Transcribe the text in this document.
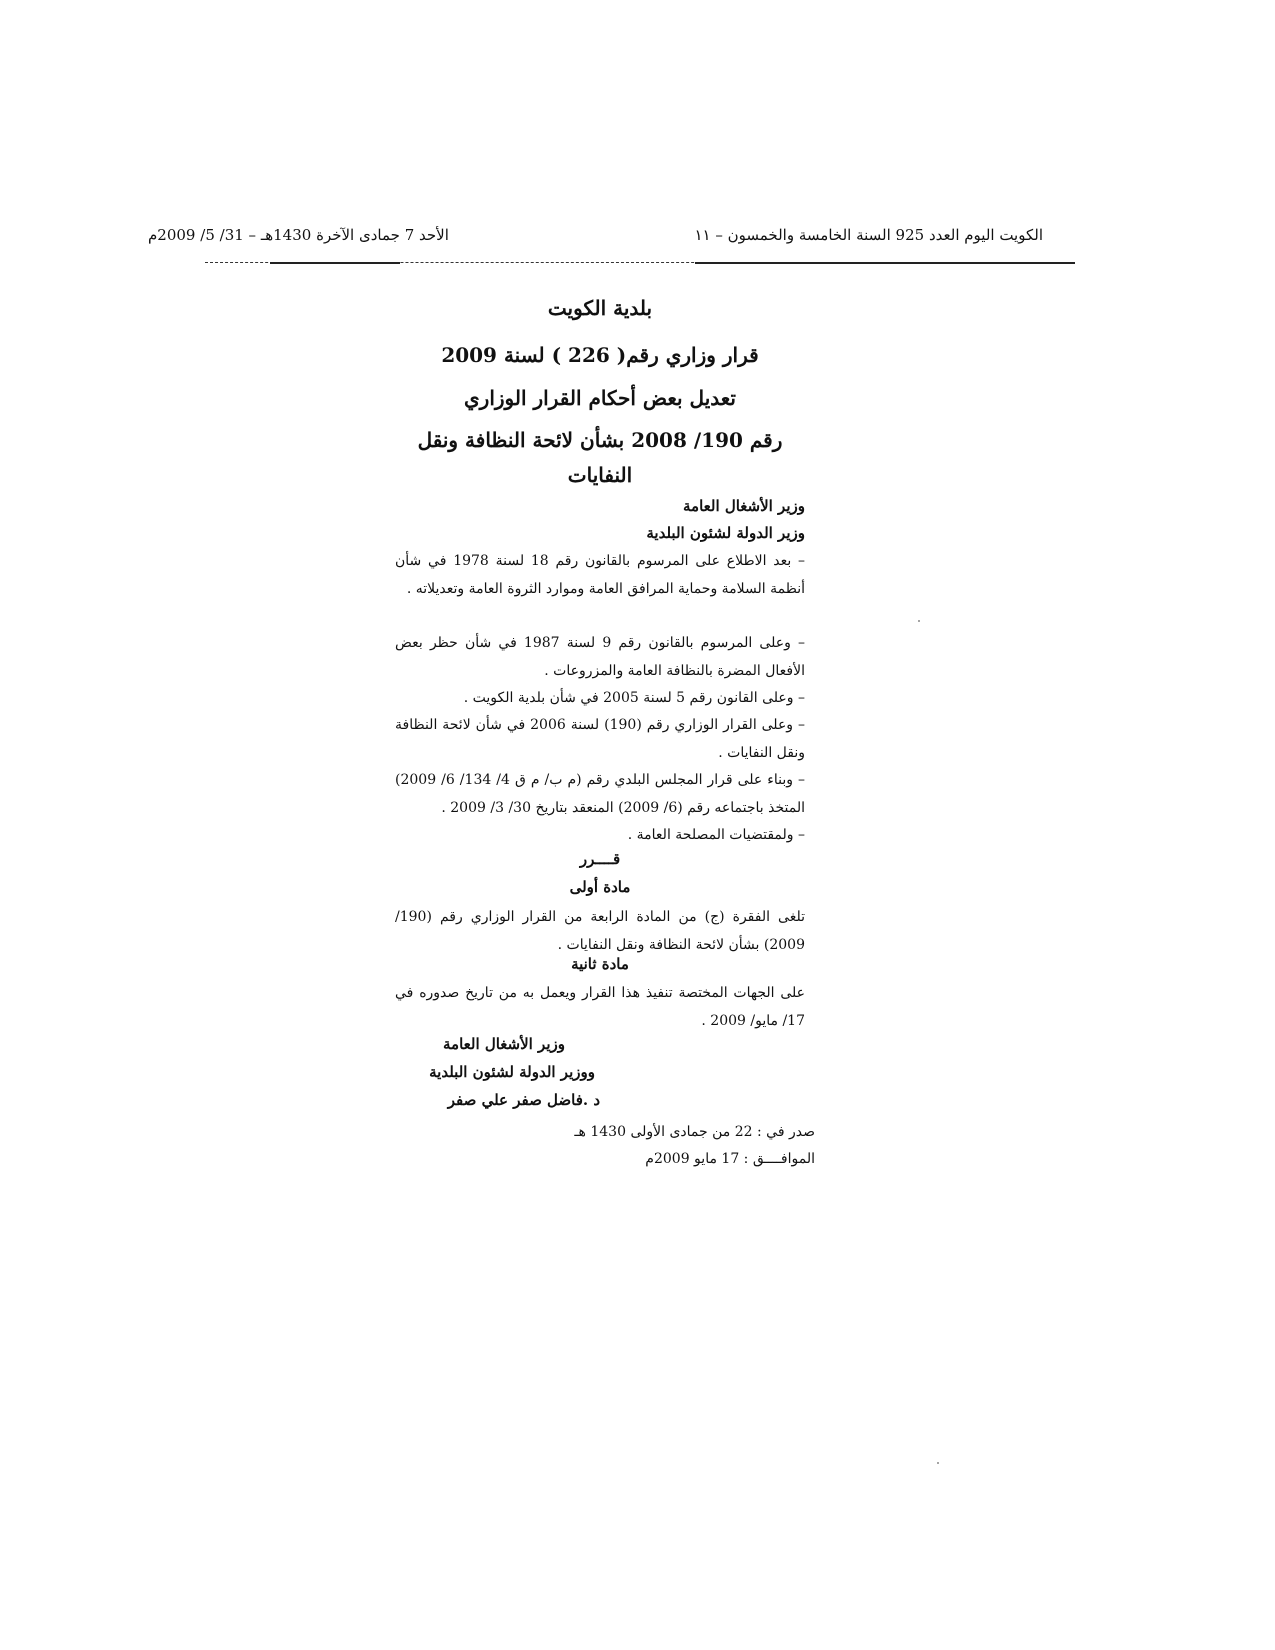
الكويت اليوم العدد 925 السنة الخامسة والخمسون – ١١
الأحد 7 جمادى الآخرة 1430هـ – 31/ 5/ 2009م
بلدية الكويت
قرار وزاري رقم( 226 ) لسنة 2009
تعديل بعض أحكام القرار الوزاري
رقم 190/ 2008 بشأن لائحة النظافة ونقل
النفايات
وزير الأشغال العامة
وزير الدولة لشئون البلدية
– بعد الاطلاع على المرسوم بالقانون رقم 18 لسنة 1978 في شأن أنظمة السلامة وحماية المرافق العامة وموارد الثروة العامة وتعديلاته .
– وعلى المرسوم بالقانون رقم 9 لسنة 1987 في شأن حظر بعض الأفعال المضرة بالنظافة العامة والمزروعات .
– وعلى القانون رقم 5 لسنة 2005 في شأن بلدية الكويت .
– وعلى القرار الوزاري رقم (190) لسنة 2006 في شأن لائحة النظافة ونقل النفايات .
– وبناء على قرار المجلس البلدي رقم (م ب/ م ق 4/ 134/ 6/ 2009) المتخذ باجتماعه رقم (6/ 2009) المنعقد بتاريخ 30/ 3/ 2009 .
– ولمقتضيات المصلحة العامة .
قــــرر
مادة أولى
تلغى الفقرة (ج) من المادة الرابعة من القرار الوزاري رقم (190/ 2009) بشأن لائحة النظافة ونقل النفايات .
مادة ثانية
على الجهات المختصة تنفيذ هذا القرار ويعمل به من تاريخ صدوره في 17/ مايو/ 2009 .
وزير الأشغال العامة
ووزير الدولة لشئون البلدية
د .فاضل صفر علي صفر
صدر في : 22 من جمادى الأولى 1430 هـ
الموافــــق : 17 مايو 2009م
